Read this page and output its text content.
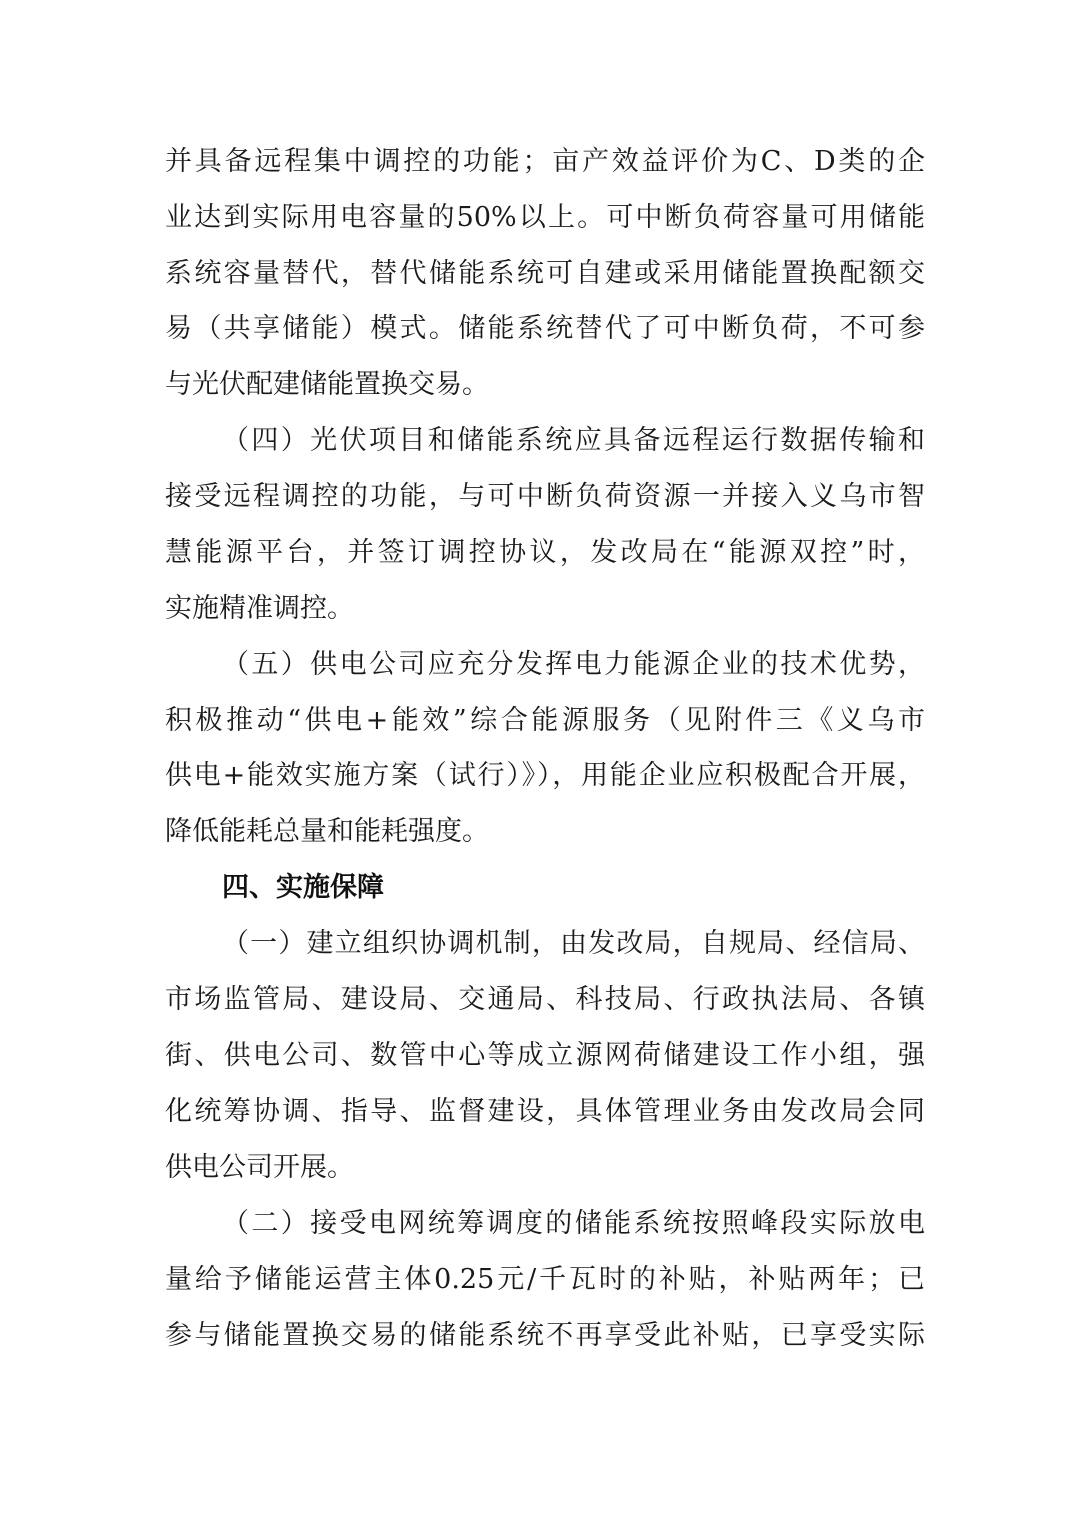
并具备远程集中调控的功能；亩产效益评价为C、D类的企
业达到实际用电容量的50%以上。可中断负荷容量可用储能
系统容量替代，替代储能系统可自建或采用储能置换配额交
易（共享储能）模式。储能系统替代了可中断负荷，不可参
与光伏配建储能置换交易。
（四）光伏项目和储能系统应具备远程运行数据传输和
接受远程调控的功能，与可中断负荷资源一并接入义乌市智
慧能源平台，并签订调控协议，发改局在“能源双控”时，
实施精准调控。
（五）供电公司应充分发挥电力能源企业的技术优势，
积极推动“供电+能效”综合能源服务（见附件三《义乌市
供电+能效实施方案（试行）》），用能企业应积极配合开展，
降低能耗总量和能耗强度。
四、实施保障
（一）建立组织协调机制，由发改局，自规局、经信局、
市场监管局、建设局、交通局、科技局、行政执法局、各镇
街、供电公司、数管中心等成立源网荷储建设工作小组，强
化统筹协调、指导、监督建设，具体管理业务由发改局会同
供电公司开展。
（二）接受电网统筹调度的储能系统按照峰段实际放电
量给予储能运营主体0.25元/千瓦时的补贴，补贴两年；已
参与储能置换交易的储能系统不再享受此补贴，已享受实际
